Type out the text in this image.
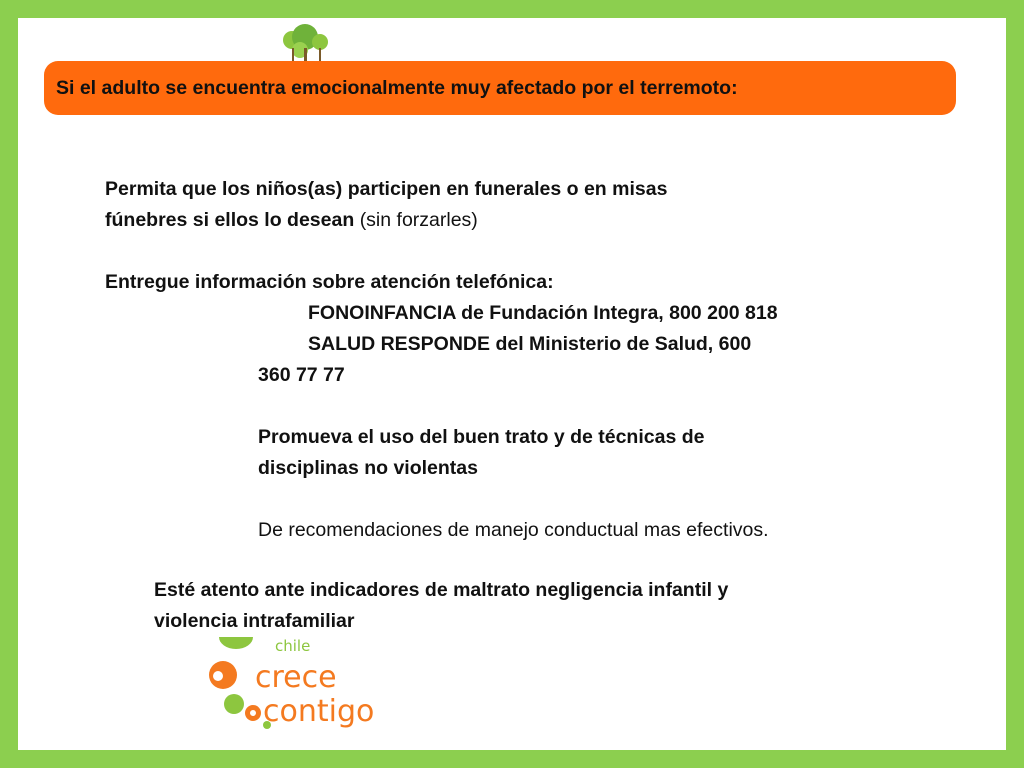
Si el adulto se encuentra emocionalmente muy afectado por el terremoto:
Permita que los niños(as) participen en funerales o en misas
fúnebres si ellos lo desean (sin forzarles)
Entregue información sobre atención telefónica:
FONOINFANCIA de Fundación Integra, 800 200 818
SALUD RESPONDE del Ministerio de Salud, 600
360 77 77
Promueva el uso del buen trato y de técnicas de
disciplinas no violentas
De recomendaciones de manejo conductual mas efectivos.
Esté atento ante indicadores de maltrato negligencia infantil y
violencia intrafamiliar
chile
crece
contigo
